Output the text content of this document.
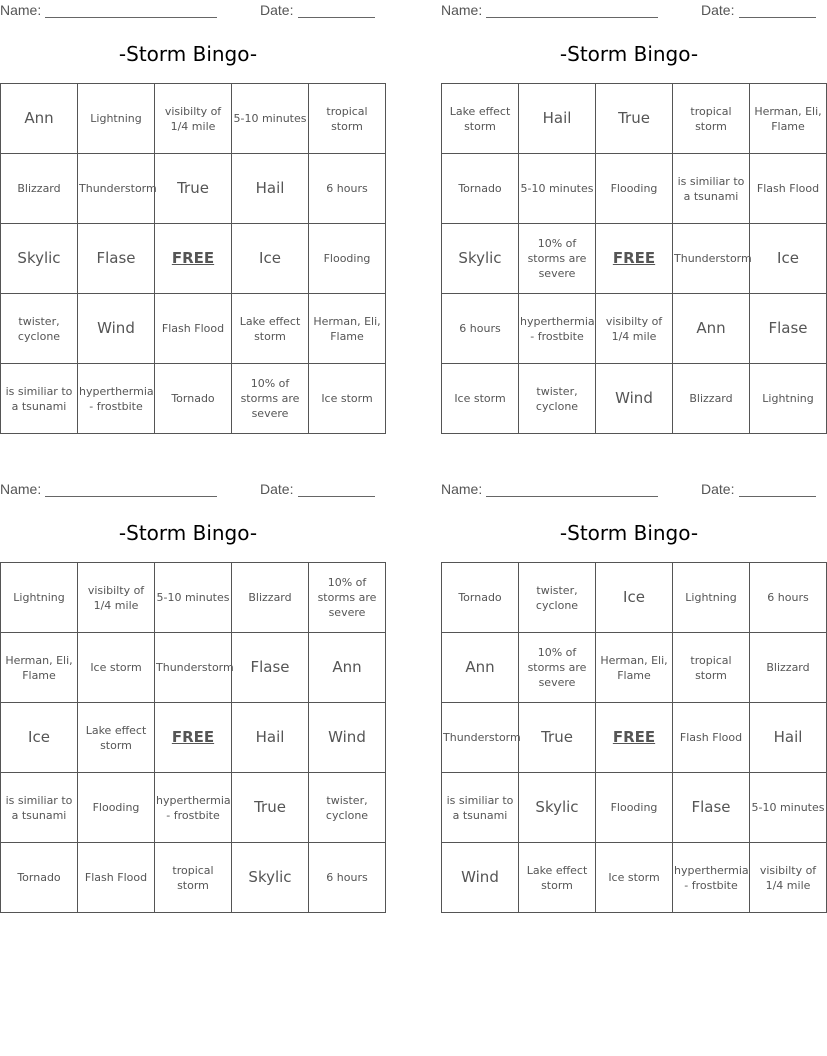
Name:	Date:
-Storm Bingo-
Ann	Lightning	visibilty of 1/4 mile	5-10 minutes	tropical storm
Blizzard	Thunderstorm	True	Hail	6 hours
Skylic	Flase	FREE	Ice	Flooding
twister, cyclone	Wind	Flash Flood	Lake effect storm	Herman, Eli, Flame
is similiar to a tsunami	hyperthermia - frostbite	Tornado	10% of storms are severe	Ice storm
Name:	Date:
-Storm Bingo-
Lake effect storm	Hail	True	tropical storm	Herman, Eli, Flame
Tornado	5-10 minutes	Flooding	is similiar to a tsunami	Flash Flood
Skylic	10% of storms are severe	FREE	Thunderstorm	Ice
6 hours	hyperthermia - frostbite	visibilty of 1/4 mile	Ann	Flase
Ice storm	twister, cyclone	Wind	Blizzard	Lightning
Name:	Date:
-Storm Bingo-
Lightning	visibilty of 1/4 mile	5-10 minutes	Blizzard	10% of storms are severe
Herman, Eli, Flame	Ice storm	Thunderstorm	Flase	Ann
Ice	Lake effect storm	FREE	Hail	Wind
is similiar to a tsunami	Flooding	hyperthermia - frostbite	True	twister, cyclone
Tornado	Flash Flood	tropical storm	Skylic	6 hours
Name:	Date:
-Storm Bingo-
Tornado	twister, cyclone	Ice	Lightning	6 hours
Ann	10% of storms are severe	Herman, Eli, Flame	tropical storm	Blizzard
Thunderstorm	True	FREE	Flash Flood	Hail
is similiar to a tsunami	Skylic	Flooding	Flase	5-10 minutes
Wind	Lake effect storm	Ice storm	hyperthermia - frostbite	visibilty of 1/4 mile
